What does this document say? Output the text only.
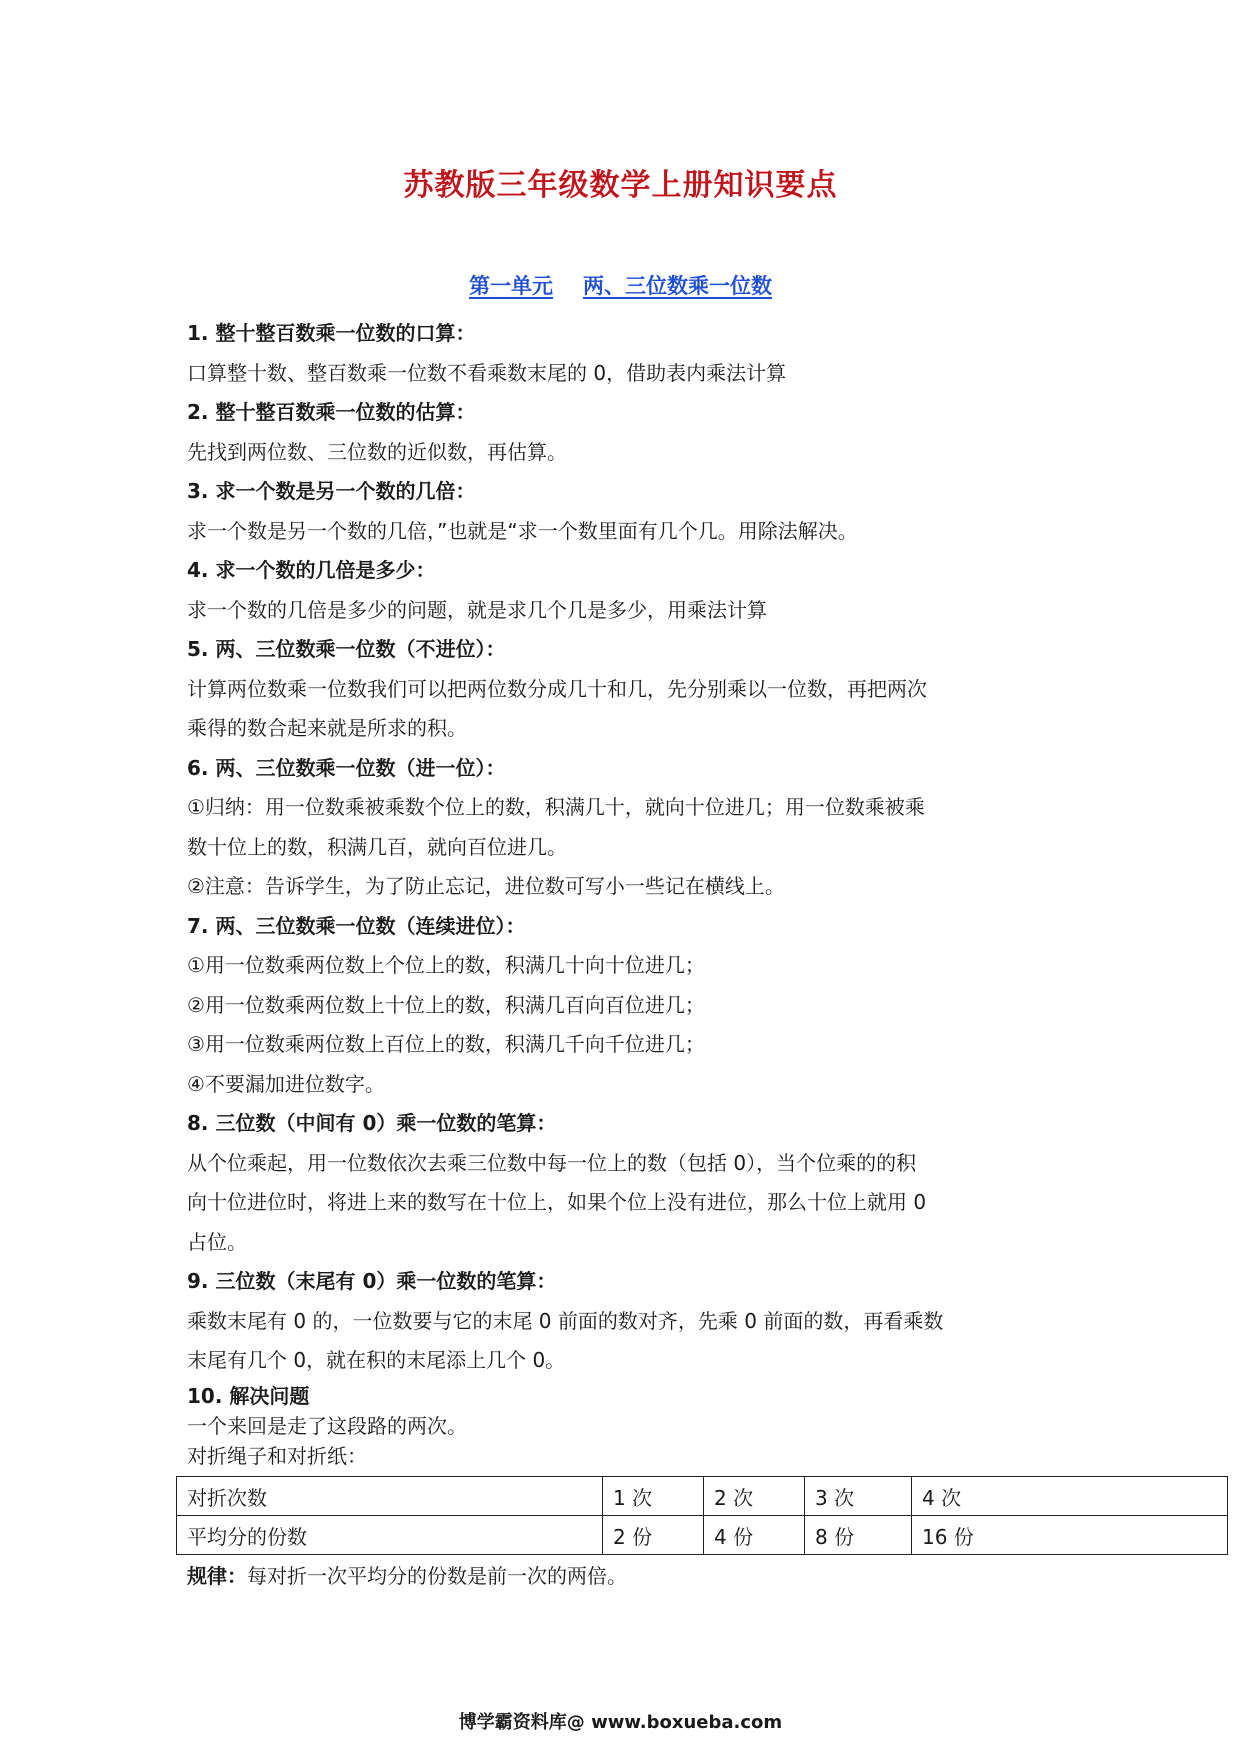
苏教版三年级数学上册知识要点
第一单元 两、三位数乘一位数

1. 整十整百数乘一位数的口算：

口算整十数、整百数乘一位数不看乘数末尾的 0，借助表内乘法计算

2. 整十整百数乘一位数的估算：

先找到两位数、三位数的近似数，再估算。

3. 求一个数是另一个数的几倍：

求一个数是另一个数的几倍，”也就是“求一个数里面有几个几。用除法解决。

4. 求一个数的几倍是多少：

求一个数的几倍是多少的问题，就是求几个几是多少，用乘法计算

5. 两、三位数乘一位数（不进位）：

计算两位数乘一位数我们可以把两位数分成几十和几，先分别乘以一位数，再把两次

乘得的数合起来就是所求的积。

6. 两、三位数乘一位数（进一位）：

①归纳：用一位数乘被乘数个位上的数，积满几十，就向十位进几；用一位数乘被乘

数十位上的数，积满几百，就向百位进几。

②注意：告诉学生，为了防止忘记，进位数可写小一些记在横线上。

7. 两、三位数乘一位数（连续进位）：

①用一位数乘两位数上个位上的数，积满几十向十位进几；

②用一位数乘两位数上十位上的数，积满几百向百位进几；

③用一位数乘两位数上百位上的数，积满几千向千位进几；

④不要漏加进位数字。

8. 三位数（中间有 0）乘一位数的笔算：

从个位乘起，用一位数依次去乘三位数中每一位上的数（包括 0），当个位乘的的积

向十位进位时，将进上来的数写在十位上，如果个位上没有进位，那么十位上就用 0

占位。

9. 三位数（末尾有 0）乘一位数的笔算：

乘数末尾有 0 的，一位数要与它的末尾 0 前面的数对齐，先乘 0 前面的数，再看乘数

末尾有几个 0，就在积的末尾添上几个 0。

10. 解决问题

一个来回是走了这段路的两次。

对折绳子和对折纸：

对折次数	1 次	2 次	3 次	4 次
平均分的份数	2 份	4 份	8 份	16 份
规律：每对折一次平均分的份数是前一次的两倍。
博学霸资料库@ www.boxueba.com
